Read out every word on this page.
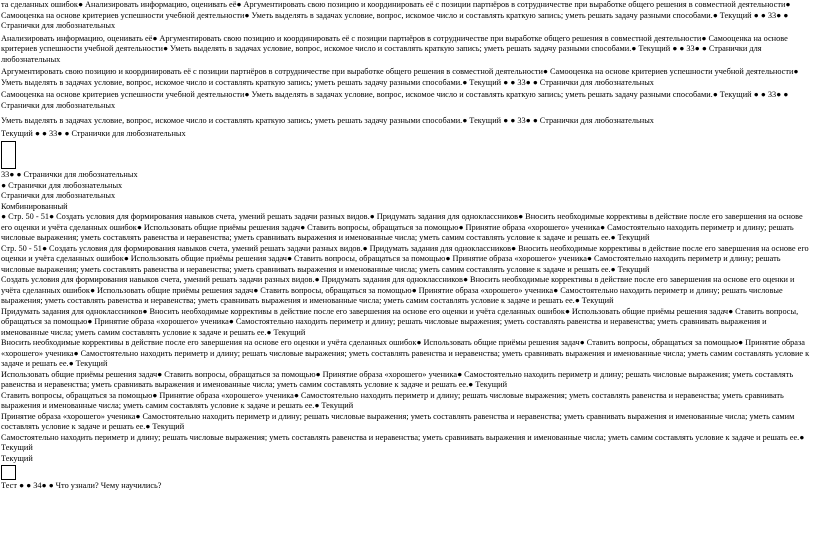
та сделанных ошибок● Анализировать информацию, оценивать её● Аргументировать свою позицию и координировать её с позиции партнёров в сотрудничестве при выработке общего решения в совместной деятельности● Самооценка на основе критериев успешности учебной деятельности● Уметь выделять в задачах условие, вопрос, искомое число и составлять краткую запись; уметь решать задачу разными способами.● Текущий ● ● 33● ● Странички для любознательных

Анализировать информацию, оценивать её● Аргументировать свою позицию и координировать её с позиции партнёров в сотрудничестве при выработке общего решения в совместной деятельности● Самооценка на основе критериев успешности учебной деятельности● Уметь выделять в задачах условие, вопрос, искомое число и составлять краткую запись; уметь решать задачу разными способами.● Текущий ● ● 33● ● Странички для любознательных

Аргументировать свою позицию и координировать её с позиции партнёров в сотрудничестве при выработке общего решения в совместной деятельности● Самооценка на основе критериев успешности учебной деятельности● Уметь выделять в задачах условие, вопрос, искомое число и составлять краткую запись; уметь решать задачу разными способами.● Текущий ● ● 33● ● Странички для любознательных

Самооценка на основе критериев успешности учебной деятельности● Уметь выделять в задачах условие, вопрос, искомое число и составлять краткую запись; уметь решать задачу разными способами.● Текущий ● ● 33● ● Странички для любознательных

Уметь выделять в задачах условие, вопрос, искомое число и составлять краткую запись; уметь решать задачу разными способами.● Текущий ● ● 33● ● Странички для любознательных

Текущий ● ● 33● ● Странички для любознательных

33● ● Странички для любознательных

● Странички для любознательных

Странички для любознательных

Комбинированный

● Стр. 50 - 51● Создать условия для формирования навыков счета, умений решать задачи разных видов.● Придумать задания для одноклассников● Вносить необходимые коррективы в действие после его завершения на основе его оценки и учёта сделанных ошибок● Использовать общие приёмы решения задач● Ставить вопросы, обращаться за помощью● Принятие образа «хорошего» ученика● Самостоятельно находить периметр и длину; решать числовые выражения; уметь составлять равенства и неравенства; уметь сравнивать выражения и именованные числа; уметь самим составлять условие к задаче и решать ее.● Текущий

Стр. 50 - 51● Создать условия для формирования навыков счета, умений решать задачи разных видов.● Придумать задания для одноклассников● Вносить необходимые коррективы в действие после его завершения на основе его оценки и учёта сделанных ошибок● Использовать общие приёмы решения задач● Ставить вопросы, обращаться за помощью● Принятие образа «хорошего» ученика● Самостоятельно находить периметр и длину; решать числовые выражения; уметь составлять равенства и неравенства; уметь сравнивать выражения и именованные числа; уметь самим составлять условие к задаче и решать ее.● Текущий

Создать условия для формирования навыков счета, умений решать задачи разных видов.● Придумать задания для одноклассников● Вносить необходимые коррективы в действие после его завершения на основе его оценки и учёта сделанных ошибок● Использовать общие приёмы решения задач● Ставить вопросы, обращаться за помощью● Принятие образа «хорошего» ученика● Самостоятельно находить периметр и длину; решать числовые выражения; уметь составлять равенства и неравенства; уметь сравнивать выражения и именованные числа; уметь самим составлять условие к задаче и решать ее.● Текущий

Придумать задания для одноклассников● Вносить необходимые коррективы в действие после его завершения на основе его оценки и учёта сделанных ошибок● Использовать общие приёмы решения задач● Ставить вопросы, обращаться за помощью● Принятие образа «хорошего» ученика● Самостоятельно находить периметр и длину; решать числовые выражения; уметь составлять равенства и неравенства; уметь сравнивать выражения и именованные числа; уметь самим составлять условие к задаче и решать ее.● Текущий

Вносить необходимые коррективы в действие после его завершения на основе его оценки и учёта сделанных ошибок● Использовать общие приёмы решения задач● Ставить вопросы, обращаться за помощью● Принятие образа «хорошего» ученика● Самостоятельно находить периметр и длину; решать числовые выражения; уметь составлять равенства и неравенства; уметь сравнивать выражения и именованные числа; уметь самим составлять условие к задаче и решать ее.● Текущий

Использовать общие приёмы решения задач● Ставить вопросы, обращаться за помощью● Принятие образа «хорошего» ученика● Самостоятельно находить периметр и длину; решать числовые выражения; уметь составлять равенства и неравенства; уметь сравнивать выражения и именованные числа; уметь самим составлять условие к задаче и решать ее.● Текущий

Ставить вопросы, обращаться за помощью● Принятие образа «хорошего» ученика● Самостоятельно находить периметр и длину; решать числовые выражения; уметь составлять равенства и неравенства; уметь сравнивать выражения и именованные числа; уметь самим составлять условие к задаче и решать ее.● Текущий

Принятие образа «хорошего» ученика● Самостоятельно находить периметр и длину; решать числовые выражения; уметь составлять равенства и неравенства; уметь сравнивать выражения и именованные числа; уметь самим составлять условие к задаче и решать ее.● Текущий

Самостоятельно находить периметр и длину; решать числовые выражения; уметь составлять равенства и неравенства; уметь сравнивать выражения и именованные числа; уметь самим составлять условие к задаче и решать ее.● Текущий

Текущий

Тест ● ● 34● ● Что узнали? Чему научились?
